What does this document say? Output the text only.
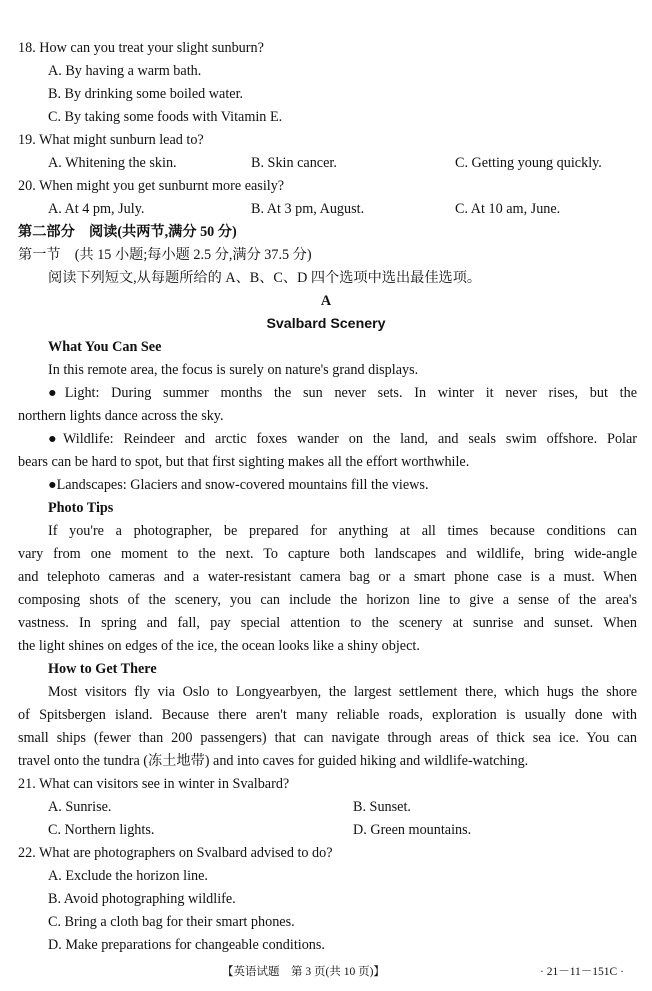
18. How can you treat your slight sunburn?
A. By having a warm bath.
B. By drinking some boiled water.
C. By taking some foods with Vitamin E.
19. What might sunburn lead to?
A. Whitening the skin.	B. Skin cancer.	C. Getting young quickly.
20. When might you get sunburnt more easily?
A. At 4 pm, July.	B. At 3 pm, August.	C. At 10 am, June.
第二部分　阅读(共两节,满分 50 分)
第一节　(共 15 小题;每小题 2.5 分,满分 37.5 分)
阅读下列短文,从每题所给的 A、B、C、D 四个选项中选出最佳选项。
A
Svalbard Scenery
What You Can See
In this remote area, the focus is surely on nature's grand displays.
●Light: During summer months the sun never sets. In winter it never rises, but the
northern lights dance across the sky.
●Wildlife: Reindeer and arctic foxes wander on the land, and seals swim offshore. Polar
bears can be hard to spot, but that first sighting makes all the effort worthwhile.
●Landscapes: Glaciers and snow-covered mountains fill the views.
Photo Tips
If you're a photographer, be prepared for anything at all times because conditions can
vary from one moment to the next. To capture both landscapes and wildlife, bring wide-angle
and telephoto cameras and a water-resistant camera bag or a smart phone case is a must. When
composing shots of the scenery, you can include the horizon line to give a sense of the area's
vastness. In spring and fall, pay special attention to the scenery at sunrise and sunset. When
the light shines on edges of the ice, the ocean looks like a shiny object.
How to Get There
Most visitors fly via Oslo to Longyearbyen, the largest settlement there, which hugs the shore
of Spitsbergen island. Because there aren't many reliable roads, exploration is usually done with
small ships (fewer than 200 passengers) that can navigate through areas of thick sea ice. You can
travel onto the tundra (冻土地带) and into caves for guided hiking and wildlife-watching.
21. What can visitors see in winter in Svalbard?
A. Sunrise.	B. Sunset.
C. Northern lights.	D. Green mountains.
22. What are photographers on Svalbard advised to do?
A. Exclude the horizon line.
B. Avoid photographing wildlife.
C. Bring a cloth bag for their smart phones.
D. Make preparations for changeable conditions.
【英语试题　第 3 页(共 10 页)】	· 21－11－151C ·
